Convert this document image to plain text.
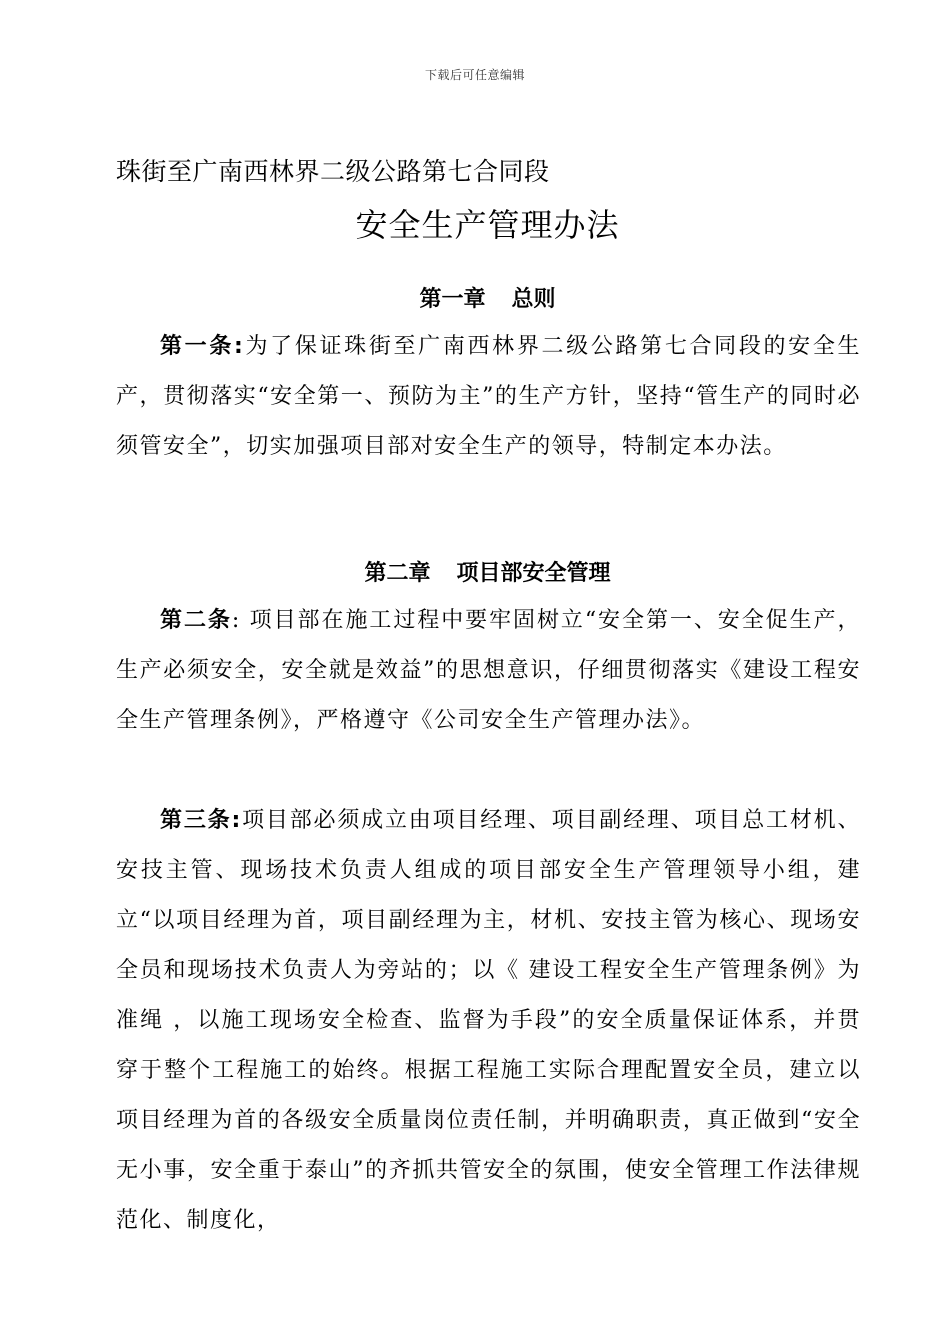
下载后可任意编辑
珠街至广南西林界二级公路第七合同段
安全生产管理办法
第一章 总则
第一条:为了保证珠街至广南西林界二级公路第七合同段的安全生产，贯彻落实“安全第一、预防为主”的生产方针，坚持“管生产的同时必须管安全”，切实加强项目部对安全生产的领导，特制定本办法。
第二章 项目部安全管理
第二条: 项目部在施工过程中要牢固树立“安全第一、安全促生产，生产必须安全，安全就是效益”的思想意识，仔细贯彻落实《建设工程安全生产管理条例》，严格遵守《公司安全生产管理办法》。
第三条:项目部必须成立由项目经理、项目副经理、项目总工材机、安技主管、现场技术负责人组成的项目部安全生产管理领导小组，建立“以项目经理为首，项目副经理为主，材机、安技主管为核心、现场安全员和现场技术负责人为旁站的；以《 建设工程安全生产管理条例》为准绳 ，以施工现场安全检查、监督为手段”的安全质量保证体系，并贯穿于整个工程施工的始终。根据工程施工实际合理配置安全员，建立以项目经理为首的各级安全质量岗位责任制，并明确职责，真正做到“安全无小事，安全重于泰山”的齐抓共管安全的氛围，使安全管理工作法律规范化、制度化，
